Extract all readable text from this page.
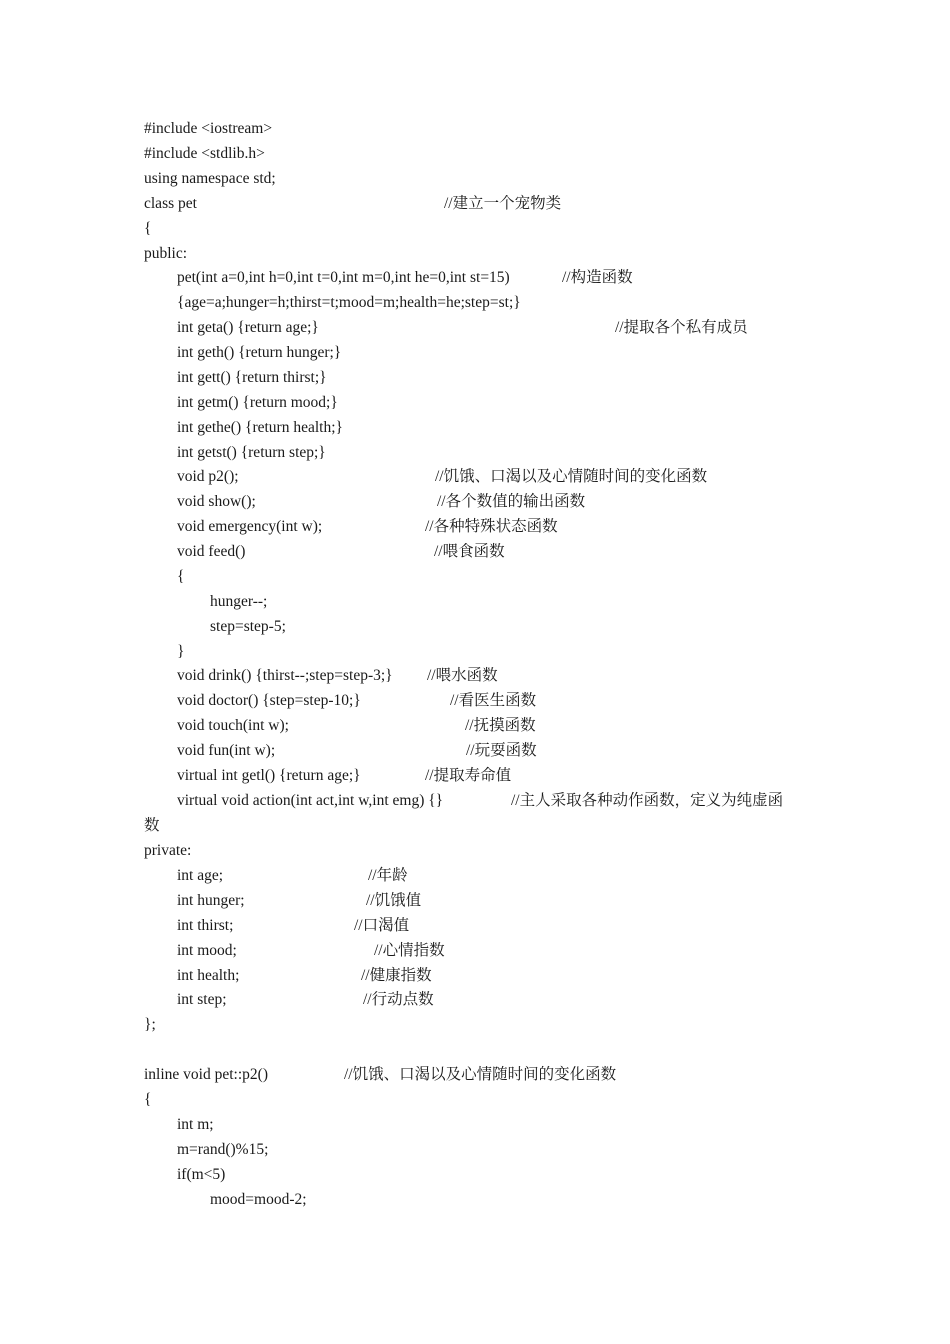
#include <iostream>
#include <stdlib.h>
using namespace std;
class pet	//建立一个宠物类
{
public:
pet(int a=0,int h=0,int t=0,int m=0,int he=0,int st=15)	//构造函数
{age=a;hunger=h;thirst=t;mood=m;health=he;step=st;}
int geta() {return age;}	//提取各个私有成员
int geth() {return hunger;}
int gett() {return thirst;}
int getm() {return mood;}
int gethe() {return health;}
int getst() {return step;}
void p2();	//饥饿、口渴以及心情随时间的变化函数
void show();	//各个数值的输出函数
void emergency(int w);	//各种特殊状态函数
void feed()	//喂食函数
{
hunger--;
step=step-5;
}
void drink() {thirst--;step=step-3;} //喂水函数
void doctor() {step=step-10;}	//看医生函数
void touch(int w);	//抚摸函数
void fun(int w);	//玩耍函数
virtual int getl() {return age;}	//提取寿命值
virtual void action(int act,int w,int emg) {}	//主人采取各种动作函数，定义为纯虚函
数
private:
int age;	//年龄
int hunger;	//饥饿值
int thirst;	//口渴值
int mood;	//心情指数
int health;	//健康指数
int step;	//行动点数
};
inline void pet::p2()	//饥饿、口渴以及心情随时间的变化函数
{
int m;
m=rand()%15;
if(m<5)
mood=mood-2;
